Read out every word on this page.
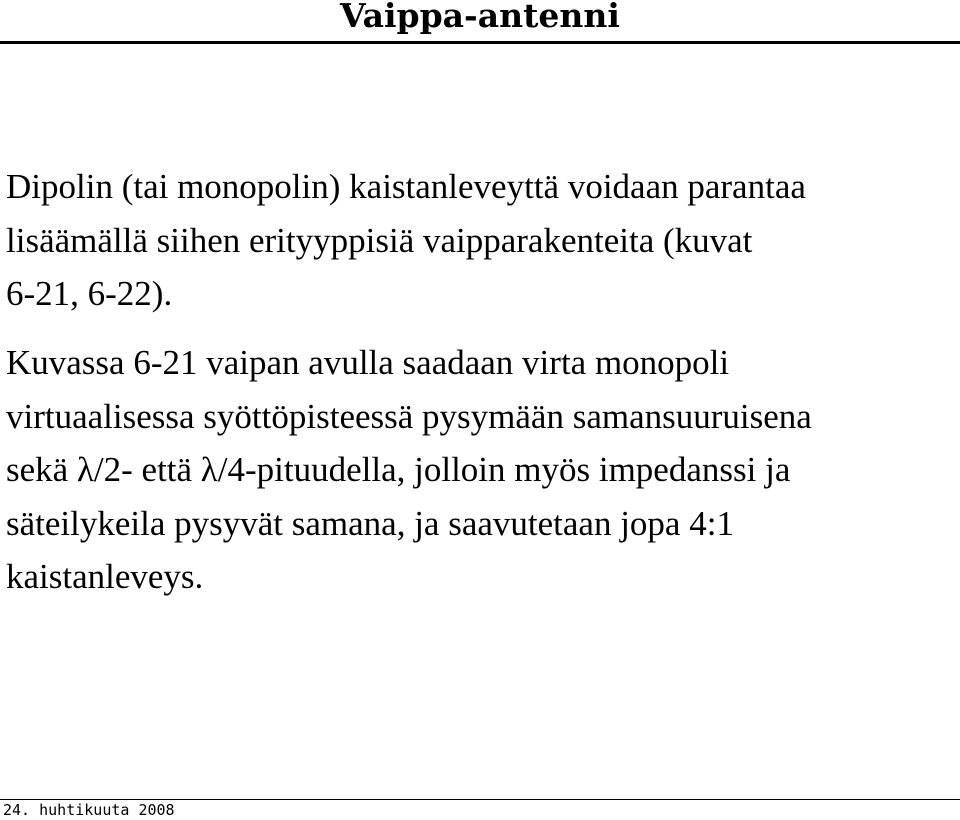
Vaippa-antenni
Dipolin (tai monopolin) kaistanleveyttä voidaan parantaa
lisäämällä siihen erityyppisiä vaipparakenteita (kuvat
6-21, 6-22).
Kuvassa 6-21 vaipan avulla saadaan virta monopoli
virtuaalisessa syöttöpisteessä pysymään samansuuruisena
sekä λ/2- että λ/4-pituudella, jolloin myös impedanssi ja
säteilykeila pysyvät samana, ja saavutetaan jopa 4:1
kaistanleveys.
24. huhtikuuta 2008
